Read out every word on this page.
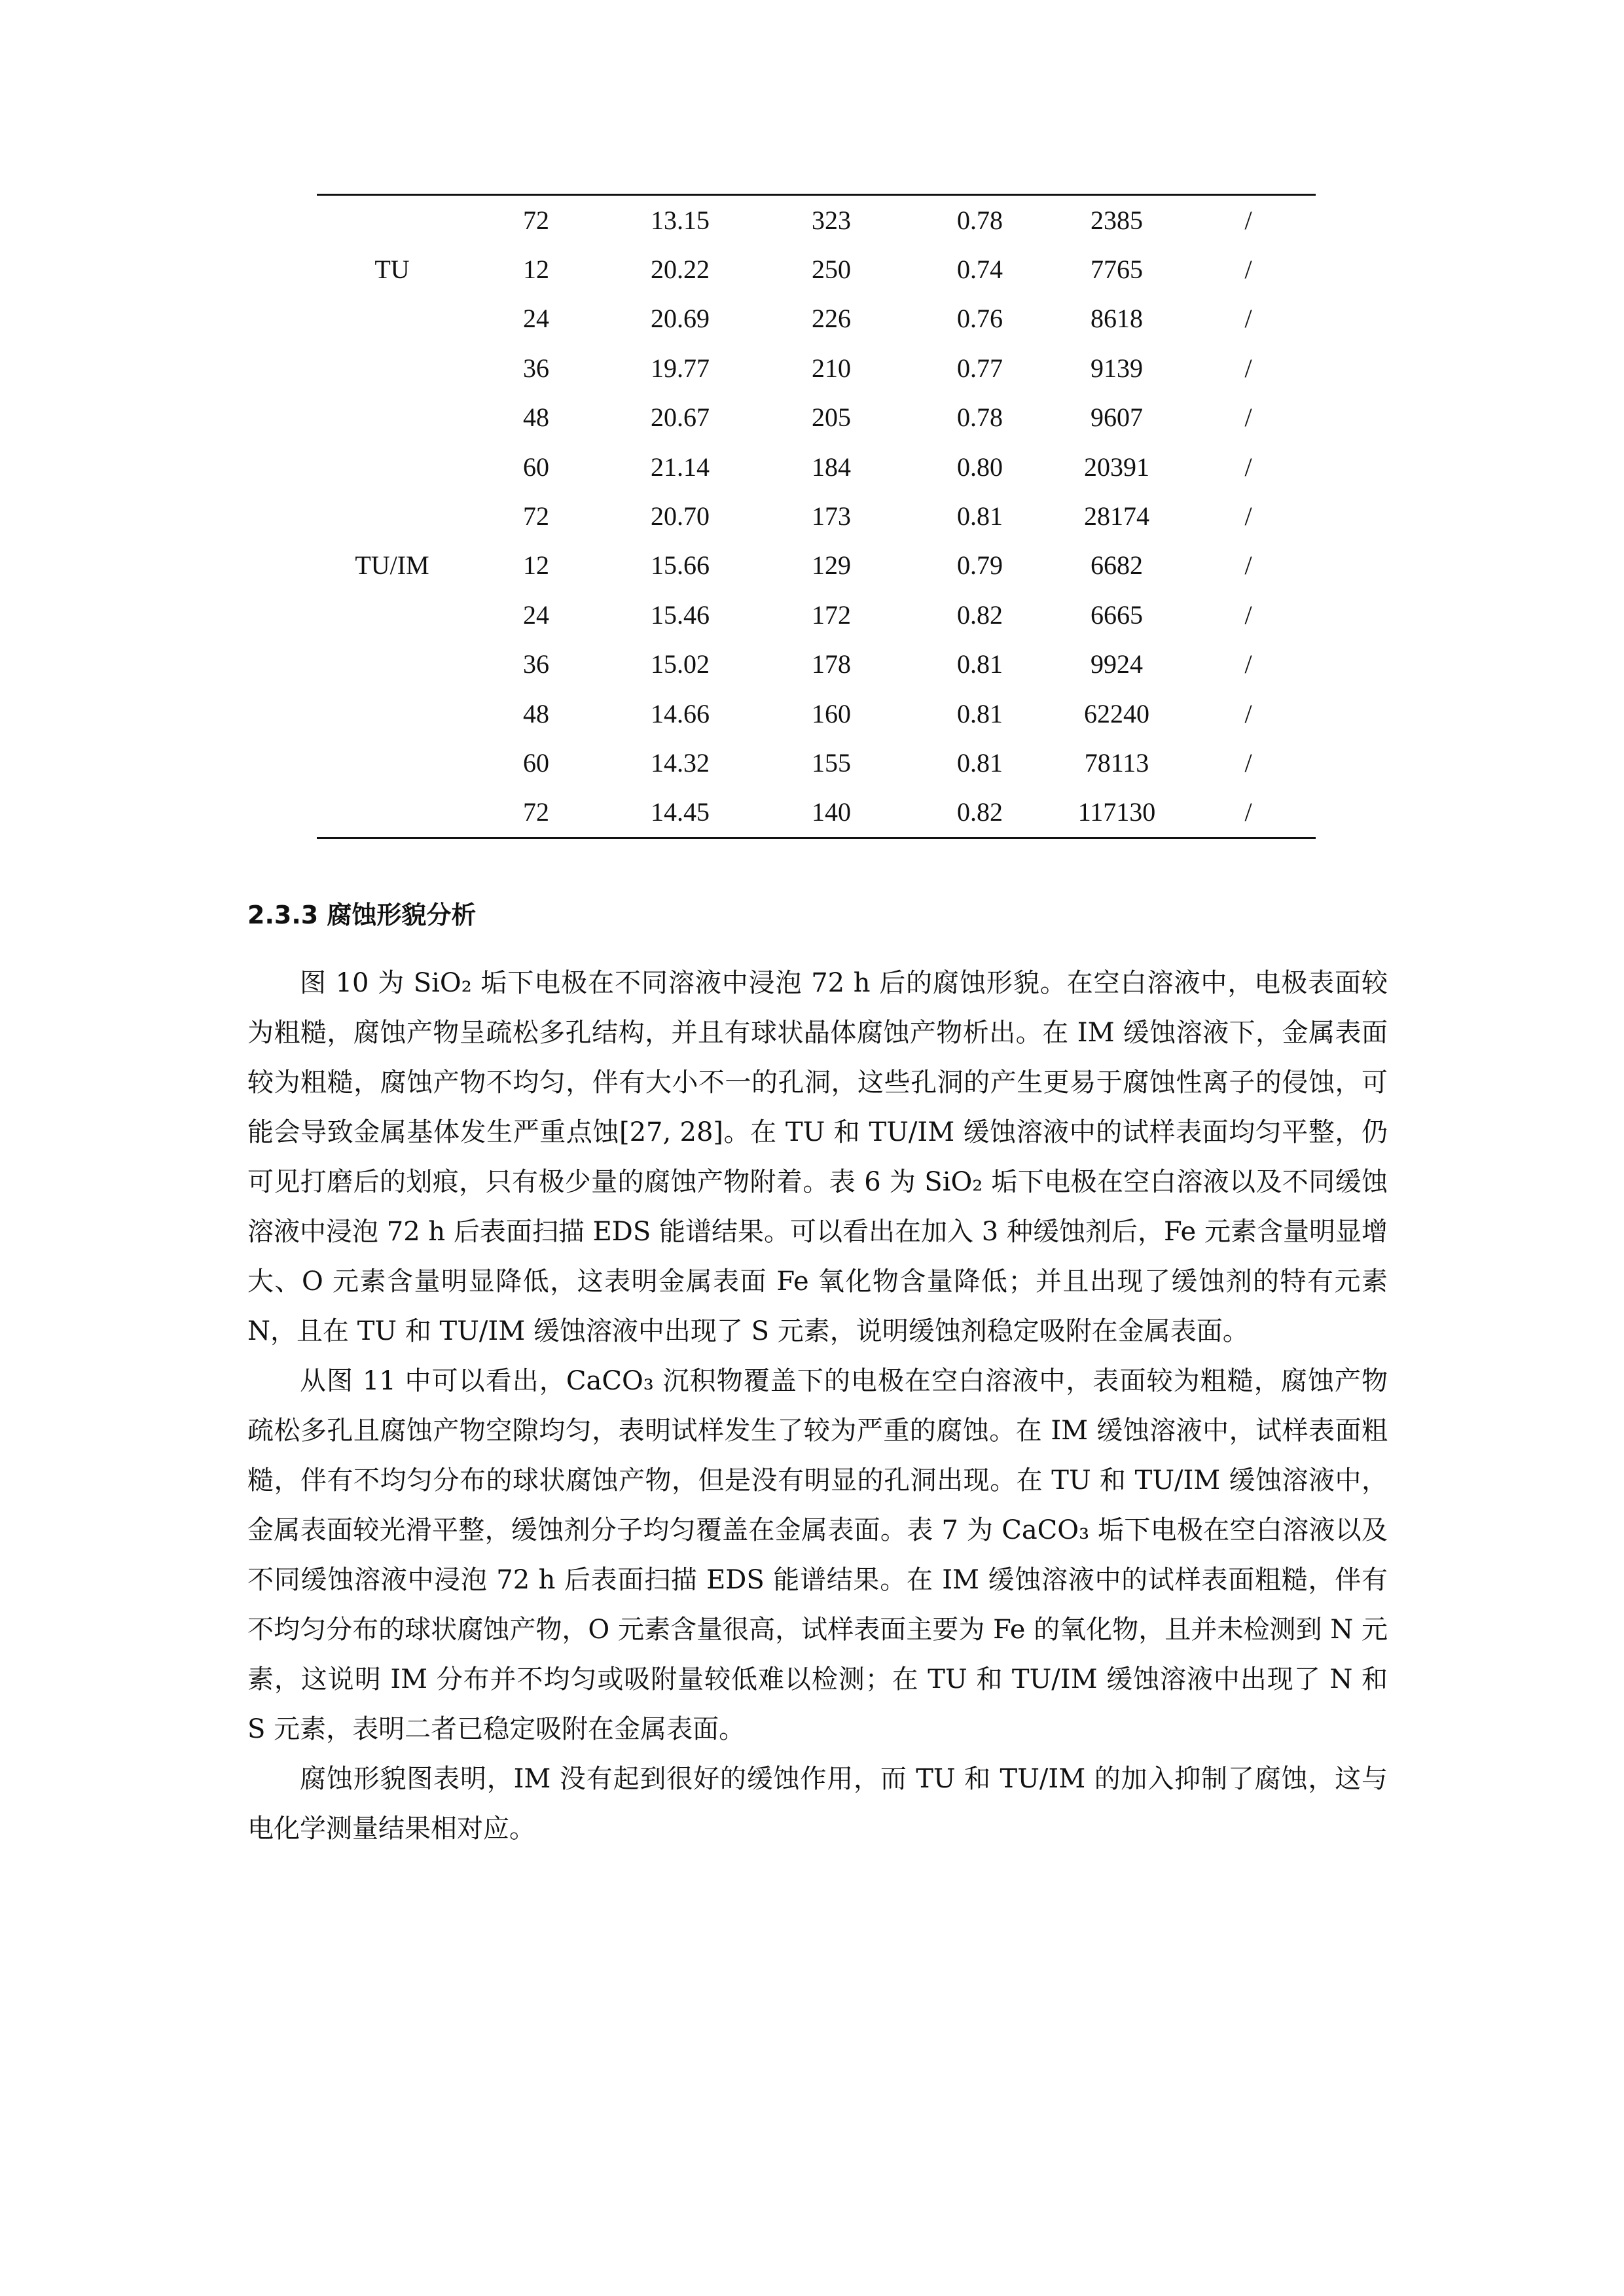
	72	13.15	323	0.78	2385	/
TU	12	20.22	250	0.74	7765	/
	24	20.69	226	0.76	8618	/
	36	19.77	210	0.77	9139	/
	48	20.67	205	0.78	9607	/
	60	21.14	184	0.80	20391	/
	72	20.70	173	0.81	28174	/
TU/IM	12	15.66	129	0.79	6682	/
	24	15.46	172	0.82	6665	/
	36	15.02	178	0.81	9924	/
	48	14.66	160	0.81	62240	/
	60	14.32	155	0.81	78113	/
	72	14.45	140	0.82	117130	/
2.3.3 腐蚀形貌分析

图 10 为 SiO₂ 垢下电极在不同溶液中浸泡 72 h 后的腐蚀形貌。在空白溶液中，电极表面较为粗糙，腐蚀产物呈疏松多孔结构，并且有球状晶体腐蚀产物析出。在 IM 缓蚀溶液下，金属表面较为粗糙，腐蚀产物不均匀，伴有大小不一的孔洞，这些孔洞的产生更易于腐蚀性离子的侵蚀，可能会导致金属基体发生严重点蚀[27, 28]。在 TU 和 TU/IM 缓蚀溶液中的试样表面均匀平整，仍可见打磨后的划痕，只有极少量的腐蚀产物附着。表 6 为 SiO₂ 垢下电极在空白溶液以及不同缓蚀溶液中浸泡 72 h 后表面扫描 EDS 能谱结果。可以看出在加入 3 种缓蚀剂后，Fe 元素含量明显增大、O 元素含量明显降低，这表明金属表面 Fe 氧化物含量降低；并且出现了缓蚀剂的特有元素 N，且在 TU 和 TU/IM 缓蚀溶液中出现了 S 元素，说明缓蚀剂稳定吸附在金属表面。

从图 11 中可以看出，CaCO₃ 沉积物覆盖下的电极在空白溶液中，表面较为粗糙，腐蚀产物疏松多孔且腐蚀产物空隙均匀，表明试样发生了较为严重的腐蚀。在 IM 缓蚀溶液中，试样表面粗糙，伴有不均匀分布的球状腐蚀产物，但是没有明显的孔洞出现。在 TU 和 TU/IM 缓蚀溶液中，金属表面较光滑平整，缓蚀剂分子均匀覆盖在金属表面。表 7 为 CaCO₃ 垢下电极在空白溶液以及不同缓蚀溶液中浸泡 72 h 后表面扫描 EDS 能谱结果。在 IM 缓蚀溶液中的试样表面粗糙，伴有不均匀分布的球状腐蚀产物，O 元素含量很高，试样表面主要为 Fe 的氧化物，且并未检测到 N 元素，这说明 IM 分布并不均匀或吸附量较低难以检测；在 TU 和 TU/IM 缓蚀溶液中出现了 N 和 S 元素，表明二者已稳定吸附在金属表面。

腐蚀形貌图表明，IM 没有起到很好的缓蚀作用，而 TU 和 TU/IM 的加入抑制了腐蚀，这与电化学测量结果相对应。
